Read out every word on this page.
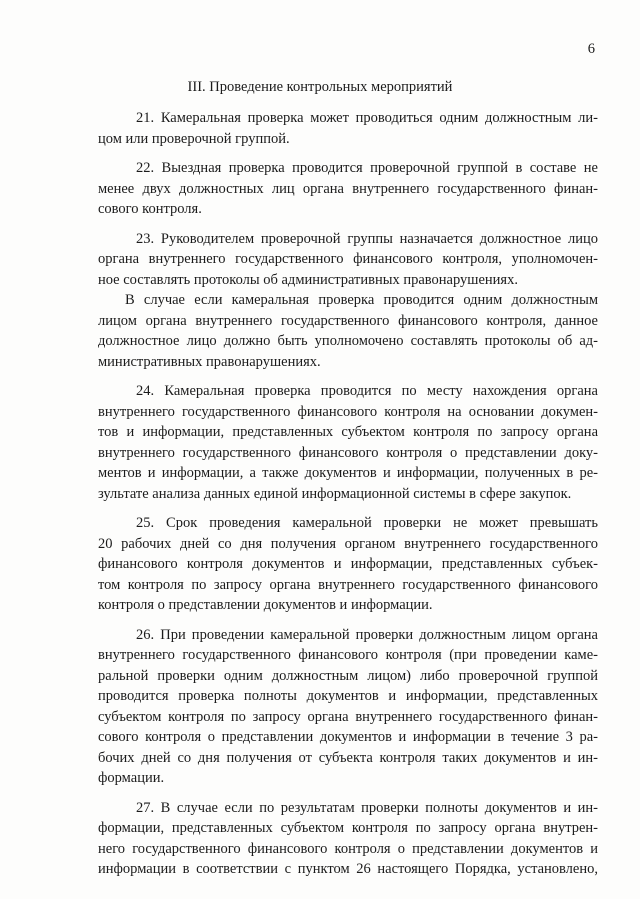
6
III. Проведение контрольных мероприятий
21. Камеральная проверка может проводиться одним должностным ли-
цом или проверочной группой.
22. Выездная проверка проводится проверочной группой в составе не
менее двух должностных лиц органа внутреннего государственного финан-
сового контроля.
23. Руководителем проверочной группы назначается должностное лицо
органа внутреннего государственного финансового контроля, уполномочен-
ное составлять протоколы об административных правонарушениях.
В случае если камеральная проверка проводится одним должностным
лицом органа внутреннего государственного финансового контроля, данное
должностное лицо должно быть уполномочено составлять протоколы об ад-
министративных правонарушениях.
24. Камеральная проверка проводится по месту нахождения органа
внутреннего государственного финансового контроля на основании докумен-
тов и информации, представленных субъектом контроля по запросу органа
внутреннего государственного финансового контроля о представлении доку-
ментов и информации, а также документов и информации, полученных в ре-
зультате анализа данных единой информационной системы в сфере закупок.
25. Срок проведения камеральной проверки не может превышать
20 рабочих дней со дня получения органом внутреннего государственного
финансового контроля документов и информации, представленных субъек-
том контроля по запросу органа внутреннего государственного финансового
контроля о представлении документов и информации.
26. При проведении камеральной проверки должностным лицом органа
внутреннего государственного финансового контроля (при проведении каме-
ральной проверки одним должностным лицом) либо проверочной группой
проводится проверка полноты документов и информации, представленных
субъектом контроля по запросу органа внутреннего государственного финан-
сового контроля о представлении документов и информации в течение 3 ра-
бочих дней со дня получения от субъекта контроля таких документов и ин-
формации.
27. В случае если по результатам проверки полноты документов и ин-
формации, представленных субъектом контроля по запросу органа внутрен-
него государственного финансового контроля о представлении документов и
информации в соответствии с пунктом 26 настоящего Порядка, установлено,
